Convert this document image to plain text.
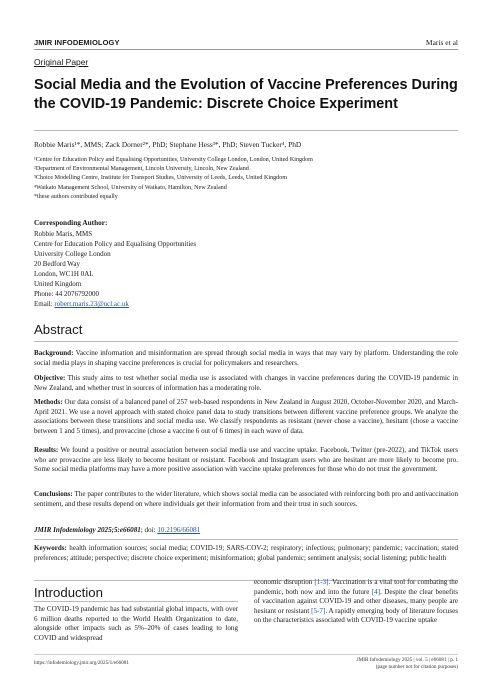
JMIR INFODEMIOLOGY	Maris et al
Original Paper
Social Media and the Evolution of Vaccine Preferences During the COVID-19 Pandemic: Discrete Choice Experiment
Robbie Maris¹*, MMS; Zack Dorner²*, PhD; Stephane Hess³*, PhD; Steven Tucker⁴, PhD
¹Centre for Education Policy and Equalising Opportunities, University College London, London, United Kingdom
²Department of Environmental Management, Lincoln University, Lincoln, New Zealand
³Choice Modelling Centre, Institute for Transport Studies, University of Leeds, Leeds, United Kingdom
⁴Waikato Management School, University of Waikato, Hamilton, New Zealand
*these authors contributed equally
Corresponding Author:
Robbie Maris, MMS
Centre for Education Policy and Equalising Opportunities
University College London
20 Bedford Way
London, WC1H 0AL
United Kingdom
Phone: 44 2076792000
Email: robert.maris.23@ucl.ac.uk
Abstract
Background: Vaccine information and misinformation are spread through social media in ways that may vary by platform. Understanding the role social media plays in shaping vaccine preferences is crucial for policymakers and researchers.
Objective: This study aims to test whether social media use is associated with changes in vaccine preferences during the COVID-19 pandemic in New Zealand, and whether trust in sources of information has a moderating role.
Methods: Our data consist of a balanced panel of 257 web-based respondents in New Zealand in August 2020, October-November 2020, and March-April 2021. We use a novel approach with stated choice panel data to study transitions between different vaccine preference groups. We analyze the associations between these transitions and social media use. We classify respondents as resistant (never chose a vaccine), hesitant (chose a vaccine between 1 and 5 times), and provaccine (chose a vaccine 6 out of 6 times) in each wave of data.
Results: We found a positive or neutral association between social media use and vaccine uptake. Facebook, Twitter (pre-2022), and TikTok users who are provaccine are less likely to become hesitant or resistant. Facebook and Instagram users who are hesitant are more likely to become pro. Some social media platforms may have a more positive association with vaccine uptake preferences for those who do not trust the government.
Conclusions: The paper contributes to the wider literature, which shows social media can be associated with reinforcing both pro and antivaccination sentiment, and these results depend on where individuals get their information from and their trust in such sources.
JMIR Infodemiology 2025;5:e66081; doi: 10.2196/66081
Keywords: health information sources; social media; COVID-19; SARS-COV-2; respiratory; infectious; pulmonary; pandemic; vaccination; stated preferences; attitude; perspective; discrete choice experiment; misinformation; global pandemic; sentiment analysis; social listening; public health
Introduction
The COVID-19 pandemic has had substantial global impacts, with over 6 million deaths reported to the World Health Organization to date, alongside other impacts such as 5%–20% of cases leading to long COVID and widespread
economic disruption [1-3]. Vaccination is a vital tool for combating the pandemic, both now and into the future [4]. Despite the clear benefits of vaccination against COVID-19 and other diseases, many people are hesitant or resistant [5-7]. A rapidly emerging body of literature focuses on the characteristics associated with COVID-19 vaccine uptake
https://infodemiology.jmir.org/2025/1/e66081	JMIR Infodemiology 2025 | vol. 5 | e66081 | p. 1
(page number not for citation purposes)
